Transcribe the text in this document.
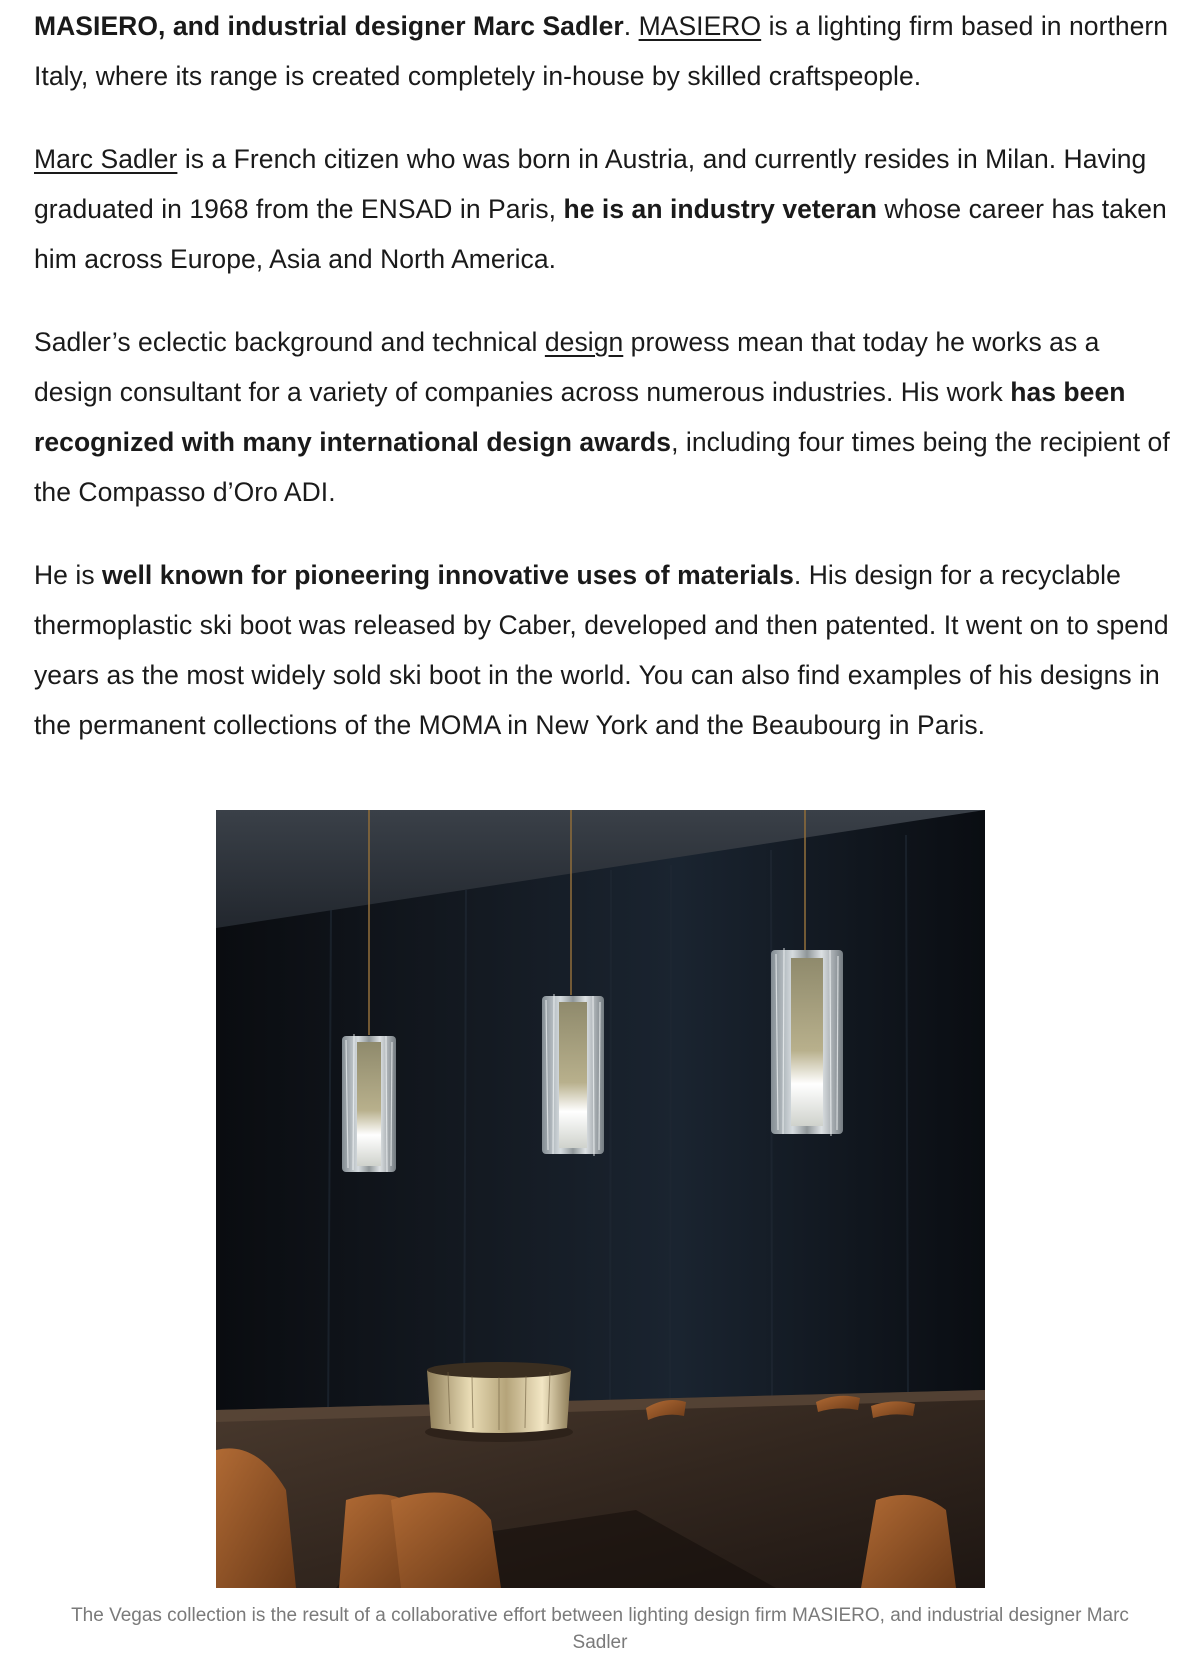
MASIERO, and industrial designer Marc Sadler. MASIERO is a lighting firm based in northern Italy, where its range is created completely in-house by skilled craftspeople.

Marc Sadler is a French citizen who was born in Austria, and currently resides in Milan. Having graduated in 1968 from the ENSAD in Paris, he is an industry veteran whose career has taken him across Europe, Asia and North America.

Sadler’s eclectic background and technical design prowess mean that today he works as a design consultant for a variety of companies across numerous industries. His work has been recognized with many international design awards, including four times being the recipient of the Compasso d’Oro ADI.

He is well known for pioneering innovative uses of materials. His design for a recyclable thermoplastic ski boot was released by Caber, developed and then patented. It went on to spend years as the most widely sold ski boot in the world. You can also find examples of his designs in the permanent collections of the MOMA in New York and the Beaubourg in Paris.

The Vegas collection is the result of a collaborative effort between lighting design firm MASIERO, and industrial designer Marc Sadler
